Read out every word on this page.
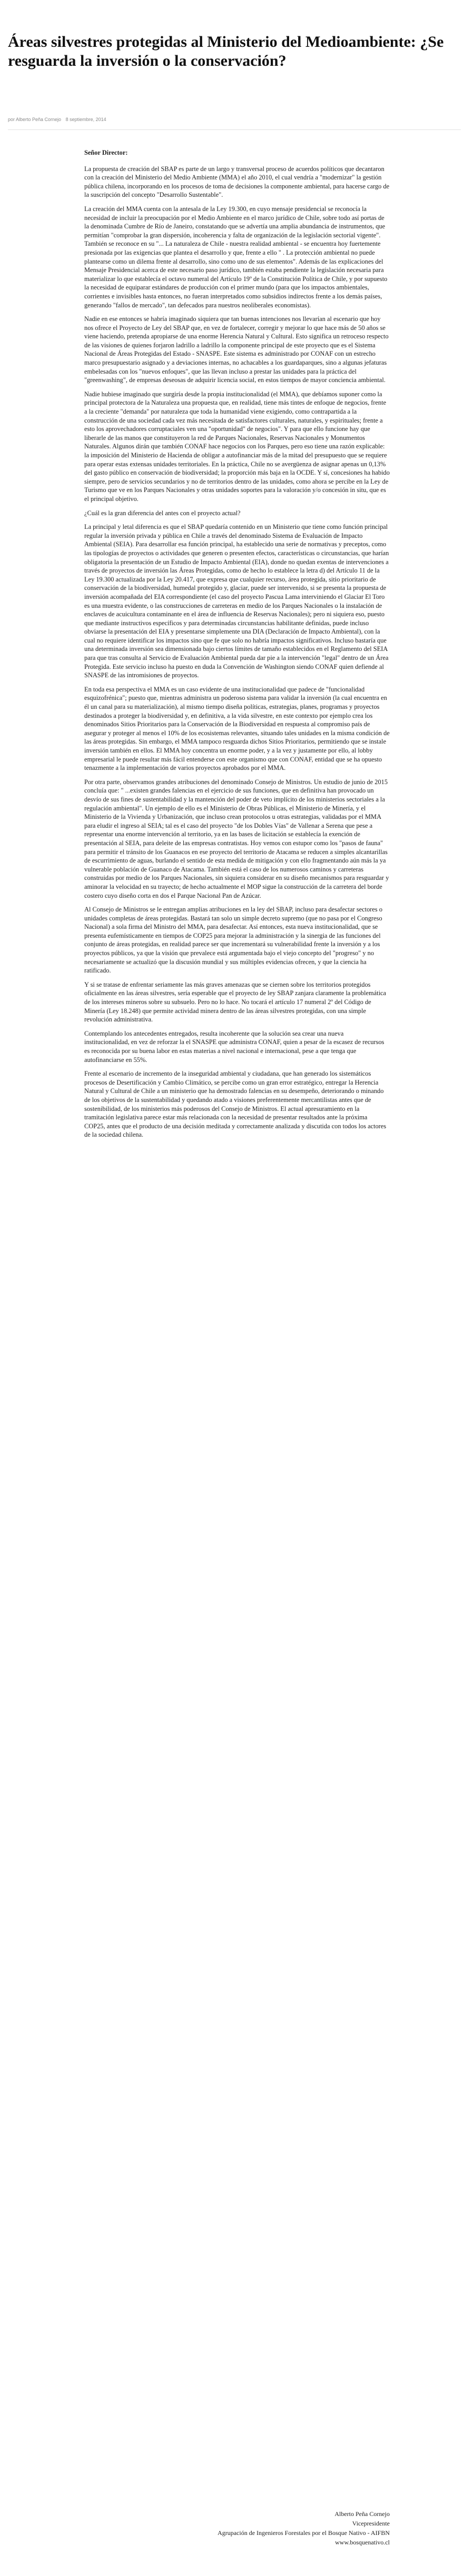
Áreas silvestres protegidas al Ministerio del Medioambiente: ¿Se resguarda la inversión o la conservación?
por Alberto Peña Cornejo 8 septiembre, 2014

Señor Director:

La propuesta de creación del SBAP es parte de un largo y transversal proceso de acuerdos políticos que decantaron con la creación del Ministerio del Medio Ambiente (MMA) el año 2010, el cual vendría a "modernizar" la gestión pública chilena, incorporando en los procesos de toma de decisiones la componente ambiental, para hacerse cargo de la suscripción del concepto "Desarrollo Sustentable".

La creación del MMA cuenta con la antesala de la Ley 19.300, en cuyo mensaje presidencial se reconocía la necesidad de incluir la preocupación por el Medio Ambiente en el marco jurídico de Chile, sobre todo así portas de la denominada Cumbre de Río de Janeiro, constatando que se advertía una amplia abundancia de instrumentos, que permitían "comprobar la gran dispersión, incoherencia y falta de organización de la legislación sectorial vigente". También se reconoce en su "... La naturaleza de Chile - nuestra realidad ambiental - se encuentra hoy fuertemente presionada por las exigencias que plantea el desarrollo y que, frente a ello " . La protección ambiental no puede plantearse como un dilema frente al desarrollo, sino como uno de sus elementos". Además de las explicaciones del Mensaje Presidencial acerca de este necesario paso jurídico, también estaba pendiente la legislación necesaria para materializar lo que establecía el octavo numeral del Artículo 19º de la Constitución Política de Chile, y por supuesto la necesidad de equiparar estándares de producción con el primer mundo (para que los impactos ambientales, corrientes e invisibles hasta entonces, no fueran interpretados como subsidios indirectos frente a los demás países, generando "fallos de mercado", tan defecados para nuestros neoliberales economistas).

Nadie en ese entonces se habría imaginado siquiera que tan buenas intenciones nos llevarían al escenario que hoy nos ofrece el Proyecto de Ley del SBAP que, en vez de fortalecer, corregir y mejorar lo que hace más de 50 años se viene haciendo, pretenda apropiarse de una enorme Herencia Natural y Cultural. Esto significa un retroceso respecto de las visiones de quienes forjaron ladrillo a ladrillo la componente principal de este proyecto que es el Sistema Nacional de Áreas Protegidas del Estado - SNASPE. Este sistema es administrado por CONAF con un estrecho marco presupuestario asignado y a deviaciones internas, no achacables a los guardaparques, sino a algunas jefaturas embelesadas con los "nuevos enfoques", que las llevan incluso a prestar las unidades para la práctica del "greenwashing", de empresas deseosas de adquirir licencia social, en estos tiempos de mayor conciencia ambiental.

Nadie hubiese imaginado que surgiría desde la propia institucionalidad (el MMA), que debíamos suponer como la principal protectora de la Naturaleza una propuesta que, en realidad, tiene más tintes de enfoque de negocios, frente a la creciente "demanda" por naturaleza que toda la humanidad viene exigiendo, como contrapartida a la construcción de una sociedad cada vez más necesitada de satisfactores culturales, naturales, y espirituales; frente a esto los aprovechadores corruptaciales ven una "oportunidad" de negocios". Y para que ello funcione hay que liberarle de las manos que constituyeron la red de Parques Nacionales, Reservas Nacionales y Monumentos Naturales. Algunos dirán que también CONAF hace negocios con los Parques, pero eso tiene una razón explicable: la imposición del Ministerio de Hacienda de obligar a autofinanciar más de la mitad del presupuesto que se requiere para operar estas extensas unidades territoriales. En la práctica, Chile no se avergüenza de asignar apenas un 0,13% del gasto público en conservación de biodiversidad; la proporción más baja en la OCDE. Y sí, concesiones ha habido siempre, pero de servicios secundarios y no de territorios dentro de las unidades, como ahora se percibe en la Ley de Turismo que ve en los Parques Nacionales y otras unidades soportes para la valoración y/o concesión in situ, que es el principal objetivo.

¿Cuál es la gran diferencia del antes con el proyecto actual?

La principal y letal diferencia es que el SBAP quedaría contenido en un Ministerio que tiene como función principal regular la inversión privada y pública en Chile a través del denominado Sistema de Evaluación de Impacto Ambiental (SEIA). Para desarrollar esa función principal, ha establecido una serie de normativas y preceptos, como las tipologías de proyectos o actividades que generen o presenten efectos, características o circunstancias, que harían obligatoria la presentación de un Estudio de Impacto Ambiental (EIA), donde no quedan exentas de intervenciones a través de proyectos de inversión las Áreas Protegidas, como de hecho lo establece la letra d) del Artículo 11 de la Ley 19.300 actualizada por la Ley 20.417, que expresa que cualquier recurso, área protegida, sitio prioritario de conservación de la biodiversidad, humedal protegido y, glaciar, puede ser intervenido, si se presenta la propuesta de inversión acompañada del EIA correspondiente (el caso del proyecto Pascua Lama interviniendo el Glaciar El Toro es una muestra evidente, o las construcciones de carreteras en medio de los Parques Nacionales o la instalación de enclaves de acuicultura contaminante en el área de influencia de Reservas Nacionales); pero ni siquiera eso, puesto que mediante instructivos específicos y para determinadas circunstancias habilitante definidas, puede incluso obviarse la presentación del EIA y presentarse simplemente una DIA (Declaración de Impacto Ambiental), con la cual no requiere identificar los impactos sino que fe que solo no habría impactos significativos. Incluso bastaría que una determinada inversión sea dimensionada bajo ciertos límites de tamaño establecidos en el Reglamento del SEIA para que tras consulta al Servicio de Evaluación Ambiental pueda dar pie a la intervención "legal" dentro de un Área Protegida. Este servicio incluso ha puesto en duda la Convención de Washington siendo CONAF quien defiende al SNASPE de las intromisiones de proyectos.

En toda esa perspectiva el MMA es un caso evidente de una institucionalidad que padece de "funcionalidad esquizofrénica"; puesto que, mientras administra un poderoso sistema para validar la inversión (la cual encuentra en él un canal para su materialización), al mismo tiempo diseña políticas, estrategias, planes, programas y proyectos destinados a proteger la biodiversidad y, en definitiva, a la vida silvestre, en este contexto por ejemplo crea los denominados Sitios Prioritarios para la Conservación de la Biodiversidad en respuesta al compromiso país de asegurar y proteger al menos el 10% de los ecosistemas relevantes, situando tales unidades en la misma condición de las áreas protegidas. Sin embargo, el MMA tampoco resguarda dichos Sitios Prioritarios, permitiendo que se instale inversión también en ellos. El MMA hoy concentra un enorme poder, y a la vez y justamente por ello, al lobby empresarial le puede resultar más fácil entenderse con este organismo que con CONAF, entidad que se ha opuesto tenazmente a la implementación de varios proyectos aprobados por el MMA.

Por otra parte, observamos grandes atribuciones del denominado Consejo de Ministros. Un estudio de junio de 2015 concluía que: " ...existen grandes falencias en el ejercicio de sus funciones, que en definitiva han provocado un desvío de sus fines de sustentabilidad y la mantención del poder de veto implícito de los ministerios sectoriales a la regulación ambiental". Un ejemplo de ello es el Ministerio de Obras Públicas, el Ministerio de Minería, y el Ministerio de la Vivienda y Urbanización, que incluso crean protocolos u otras estrategias, validadas por el MMA para eludir el ingreso al SEIA; tal es el caso del proyecto "de los Dobles Vías" de Vallenar a Serena que pese a representar una enorme intervención al territorio, ya en las bases de licitación se establecía la exención de presentación al SEIA, para deleite de las empresas contratistas. Hoy vemos con estupor como los "pasos de fauna" para permitir el tránsito de los Guanacos en ese proyecto del territorio de Atacama se reducen a simples alcantarillas de escurrimiento de aguas, burlando el sentido de esta medida de mitigación y con ello fragmentando aún más la ya vulnerable población de Guanaco de Atacama. También está el caso de los numerosos caminos y carreteras construidas por medio de los Parques Nacionales, sin siquiera considerar en su diseño mecanismos para resguardar y aminorar la velocidad en su trayecto; de hecho actualmente el MOP sigue la construcción de la carretera del borde costero cuyo diseño corta en dos el Parque Nacional Pan de Azúcar.

Al Consejo de Ministros se le entregan amplias atribuciones en la ley del SBAP, incluso para desafectar sectores o unidades completas de áreas protegidas. Bastará tan solo un simple decreto supremo (que no pasa por el Congreso Nacional) a sola firma del Ministro del MMA, para desafectar. Así entonces, esta nueva institucionalidad, que se presenta eufemísticamente en tiempos de COP25 para mejorar la administración y la sinergia de las funciones del conjunto de áreas protegidas, en realidad parece ser que incrementará su vulnerabilidad frente la inversión y a los proyectos públicos, ya que la visión que prevalece está argumentada bajo el viejo concepto del "progreso" y no necesariamente se actualizó que la discusión mundial y sus múltiples evidencias ofrecen, y que la ciencia ha ratificado.

Y si se tratase de enfrentar seriamente las más graves amenazas que se ciernen sobre los territorios protegidos oficialmente en las áreas silvestres, sería esperable que el proyecto de ley SBAP zanjara claramente la problemática de los intereses mineros sobre su subsuelo. Pero no lo hace. No tocará el artículo 17 numeral 2º del Código de Minería (Ley 18.248) que permite actividad minera dentro de las áreas silvestres protegidas, con una simple revolución administrativa.

Contemplando los antecedentes entregados, resulta incoherente que la solución sea crear una nueva institucionalidad, en vez de reforzar la el SNASPE que administra CONAF, quien a pesar de la escasez de recursos es reconocida por su buena labor en estas materias a nivel nacional e internacional, pese a que tenga que autofinanciarse en 55%.

Frente al escenario de incremento de la inseguridad ambiental y ciudadana, que han generado los sistemáticos procesos de Desertificación y Cambio Climático, se percibe como un gran error estratégico, entregar la Herencia Natural y Cultural de Chile a un ministerio que ha demostrado falencias en su desempeño, deteriorando o minando de los objetivos de la sustentabilidad y quedando atado a visiones preferentemente mercantilistas antes que de sostenibilidad, de los ministerios más poderosos del Consejo de Ministros. El actual apresuramiento en la tramitación legislativa parece estar más relacionada con la necesidad de presentar resultados ante la próxima COP25, antes que el producto de una decisión meditada y correctamente analizada y discutida con todos los actores de la sociedad chilena.

Alberto Peña Cornejo
Vicepresidente
Agrupación de Ingenieros Forestales por el Bosque Nativo - AIFBN
www.bosquenativo.cl
